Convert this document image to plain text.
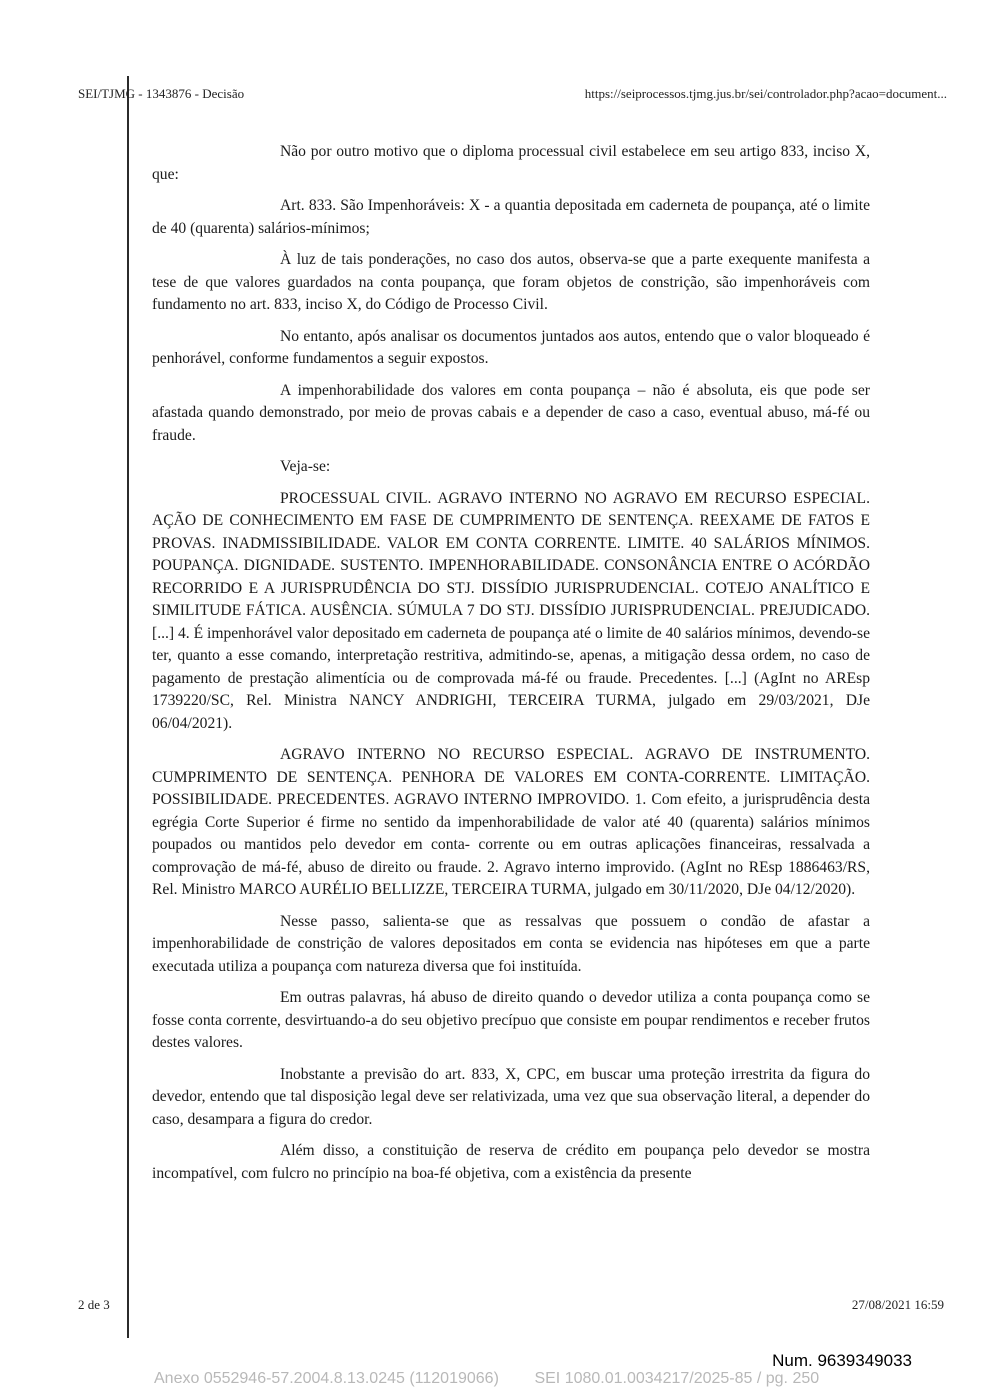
SEI/TJMG - 1343876 - Decisão	https://seiprocessos.tjmg.jus.br/sei/controlador.php?acao=document...

Não por outro motivo que o diploma processual civil estabelece em seu artigo 833, inciso X, que:

Art. 833. São Impenhoráveis: X - a quantia depositada em caderneta de poupança, até o limite de 40 (quarenta) salários-mínimos;

À luz de tais ponderações, no caso dos autos, observa-se que a parte exequente manifesta a tese de que valores guardados na conta poupança, que foram objetos de constrição, são impenhoráveis com fundamento no art. 833, inciso X, do Código de Processo Civil.

No entanto, após analisar os documentos juntados aos autos, entendo que o valor bloqueado é penhorável, conforme fundamentos a seguir expostos.

A impenhorabilidade dos valores em conta poupança – não é absoluta, eis que pode ser afastada quando demonstrado, por meio de provas cabais e a depender de caso a caso, eventual abuso, má-fé ou fraude.

Veja-se:

PROCESSUAL CIVIL. AGRAVO INTERNO NO AGRAVO EM RECURSO ESPECIAL. AÇÃO DE CONHECIMENTO EM FASE DE CUMPRIMENTO DE SENTENÇA. REEXAME DE FATOS E PROVAS. INADMISSIBILIDADE. VALOR EM CONTA CORRENTE. LIMITE. 40 SALÁRIOS MÍNIMOS. POUPANÇA. DIGNIDADE. SUSTENTO. IMPENHORABILIDADE. CONSONÂNCIA ENTRE O ACÓRDÃO RECORRIDO E A JURISPRUDÊNCIA DO STJ. DISSÍDIO JURISPRUDENCIAL. COTEJO ANALÍTICO E SIMILITUDE FÁTICA. AUSÊNCIA. SÚMULA 7 DO STJ. DISSÍDIO JURISPRUDENCIAL. PREJUDICADO. [...] 4. É impenhorável valor depositado em caderneta de poupança até o limite de 40 salários mínimos, devendo-se ter, quanto a esse comando, interpretação restritiva, admitindo-se, apenas, a mitigação dessa ordem, no caso de pagamento de prestação alimentícia ou de comprovada má-fé ou fraude. Precedentes. [...] (AgInt no AREsp 1739220/SC, Rel. Ministra NANCY ANDRIGHI, TERCEIRA TURMA, julgado em 29/03/2021, DJe 06/04/2021).

AGRAVO INTERNO NO RECURSO ESPECIAL. AGRAVO DE INSTRUMENTO. CUMPRIMENTO DE SENTENÇA. PENHORA DE VALORES EM CONTA-CORRENTE. LIMITAÇÃO. POSSIBILIDADE. PRECEDENTES. AGRAVO INTERNO IMPROVIDO. 1. Com efeito, a jurisprudência desta egrégia Corte Superior é firme no sentido da impenhorabilidade de valor até 40 (quarenta) salários mínimos poupados ou mantidos pelo devedor em conta- corrente ou em outras aplicações financeiras, ressalvada a comprovação de má-fé, abuso de direito ou fraude. 2. Agravo interno improvido. (AgInt no REsp 1886463/RS, Rel. Ministro MARCO AURÉLIO BELLIZZE, TERCEIRA TURMA, julgado em 30/11/2020, DJe 04/12/2020).

Nesse passo, salienta-se que as ressalvas que possuem o condão de afastar a impenhorabilidade de constrição de valores depositados em conta se evidencia nas hipóteses em que a parte executada utiliza a poupança com natureza diversa que foi instituída.

Em outras palavras, há abuso de direito quando o devedor utiliza a conta poupança como se fosse conta corrente, desvirtuando-a do seu objetivo precípuo que consiste em poupar rendimentos e receber frutos destes valores.

Inobstante a previsão do art. 833, X, CPC, em buscar uma proteção irrestrita da figura do devedor, entendo que tal disposição legal deve ser relativizada, uma vez que sua observação literal, a depender do caso, desampara a figura do credor.

Além disso, a constituição de reserva de crédito em poupança pelo devedor se mostra incompatível, com fulcro no princípio na boa-fé objetiva, com a existência da presente

2 de 3	27/08/2021 16:59
Num. 9639349033
Anexo 0552946-57.2004.8.13.0245 (112019066)        SEI 1080.01.0034217/2025-85 / pg. 250
